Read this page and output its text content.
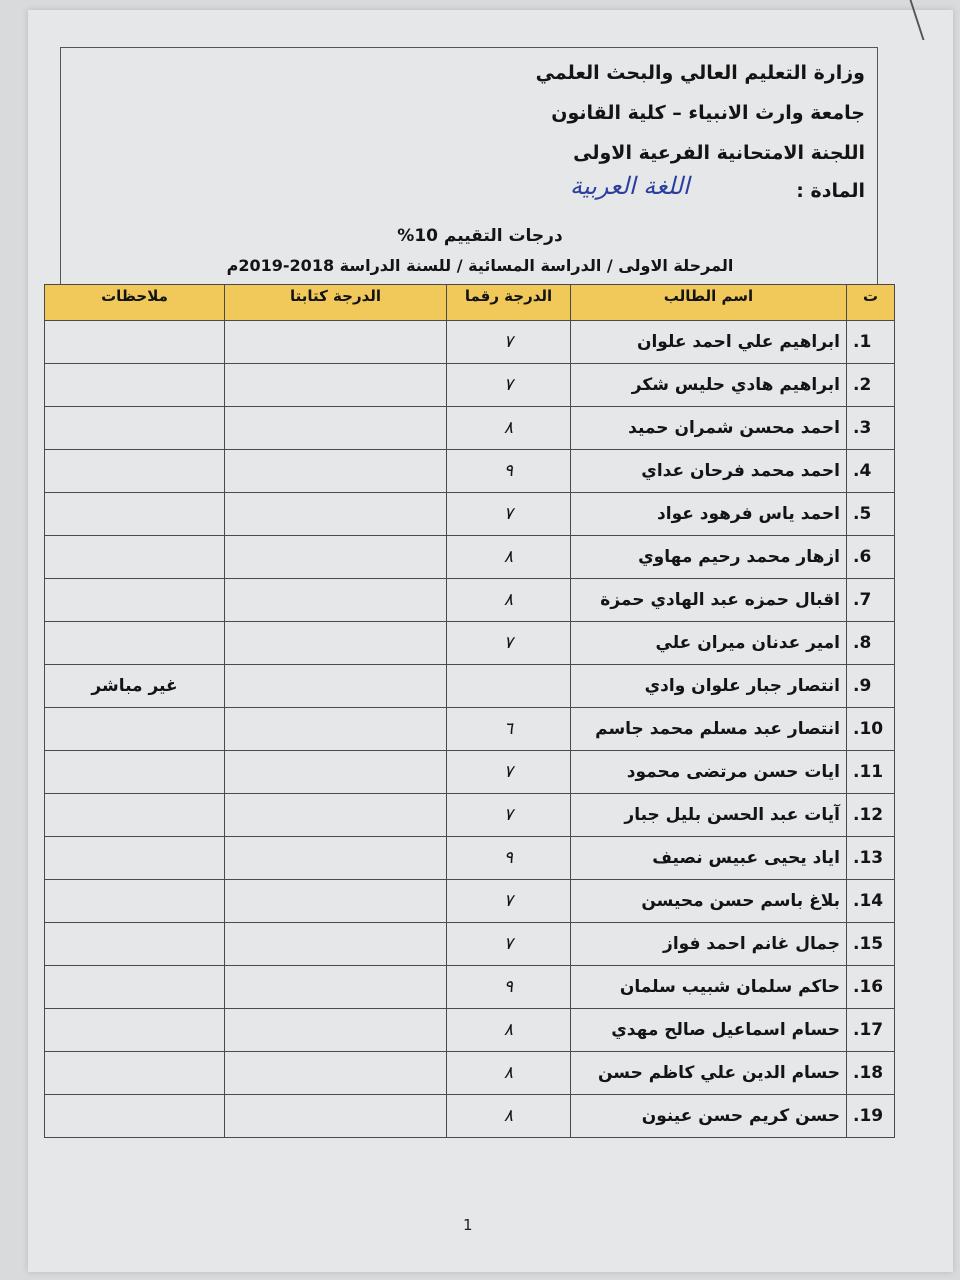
وزارة التعليم العالي والبحث العلمي
جامعة وارث الانبياء – كلية القانون
اللجنة الامتحانية الفرعية الاولى
المادة :
اللغة العربية
درجات التقييم 10%
المرحلة الاولى / الدراسة المسائية / للسنة الدراسة 2018-2019م
ت	اسم الطالب	الدرجة رقما	الدرجة كتابتا	ملاحظات
1.	ابراهيم علي احمد علوان	٧		
2.	ابراهيم هادي حليس شكر	٧		
3.	احمد محسن شمران حميد	٨		
4.	احمد محمد فرحان عداي	٩		
5.	احمد ياس فرهود عواد	٧		
6.	ازهار محمد رحيم مهاوي	٨		
7.	اقبال حمزه عبد الهادي حمزة	٨		
8.	امير عدنان ميران علي	٧		
9.	انتصار جبار علوان وادي			غير مباشر
10.	انتصار عبد مسلم محمد جاسم	٦		
11.	ايات حسن مرتضى محمود	٧		
12.	آيات عبد الحسن بليل جبار	٧		
13.	اياد يحيى عبيس نصيف	٩		
14.	بلاغ باسم حسن محيسن	٧		
15.	جمال غانم احمد فواز	٧		
16.	حاكم سلمان شبيب سلمان	٩		
17.	حسام اسماعيل صالح مهدي	٨		
18.	حسام الدين علي كاظم حسن	٨		
19.	حسن كريم حسن عينون	٨		
1
